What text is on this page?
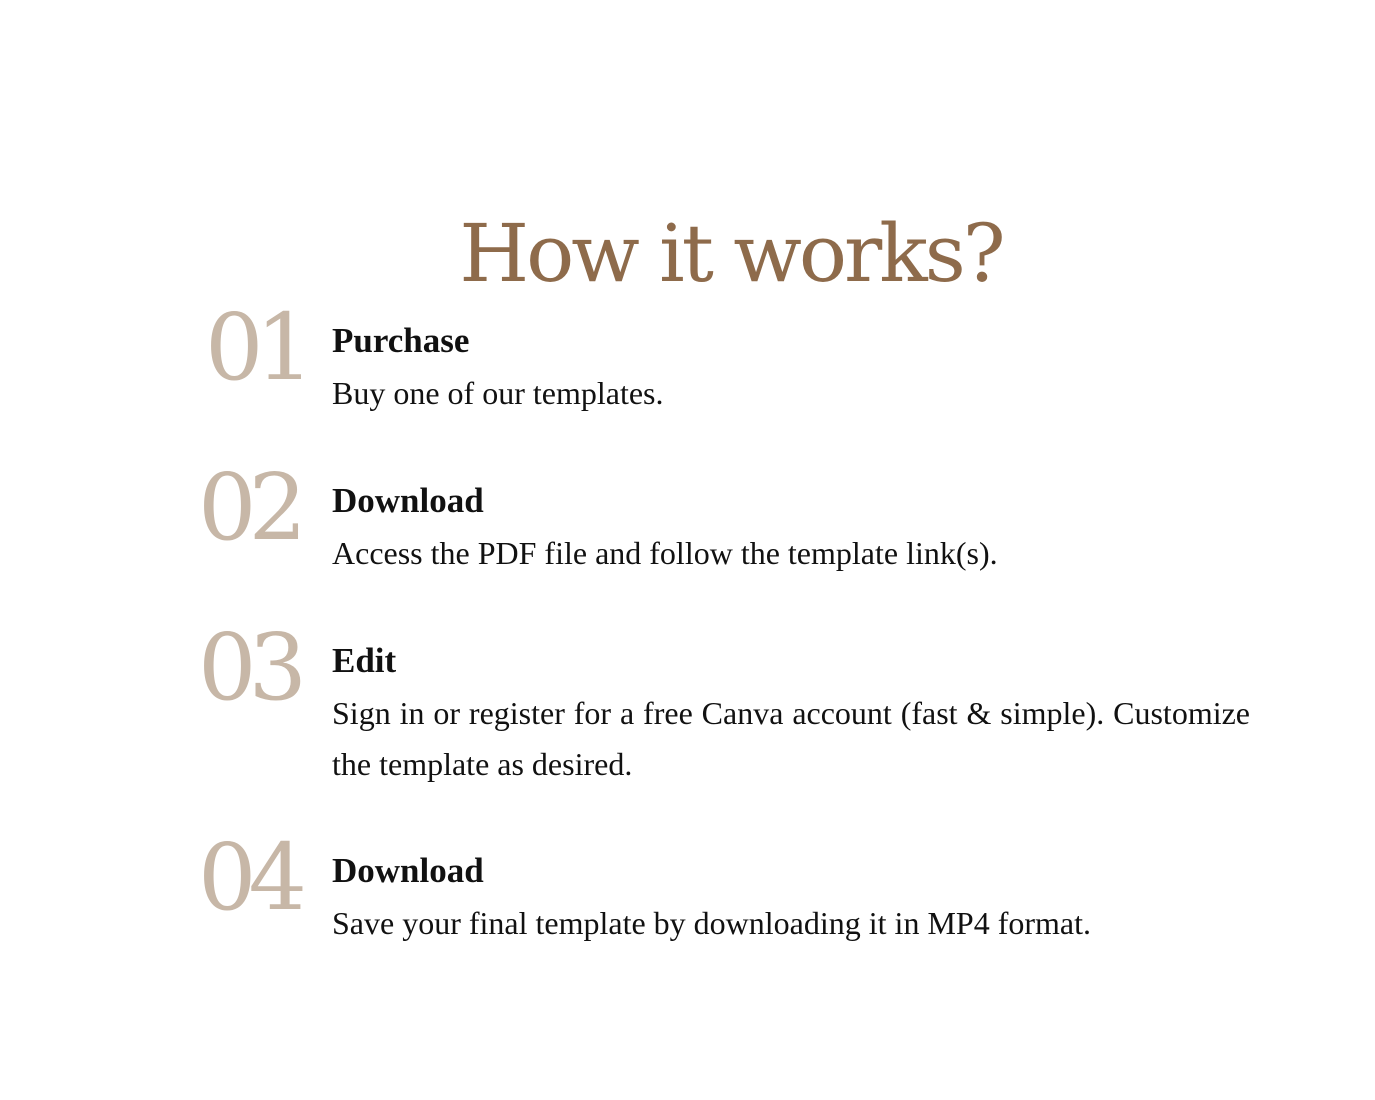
How it works?
01 Purchase
Buy one of our templates.
02 Download
Access the PDF file and follow the template link(s).
03 Edit
Sign in or register for a free Canva account (fast & simple). Customize the template as desired.
04 Download
Save your final template by downloading it in MP4 format.
